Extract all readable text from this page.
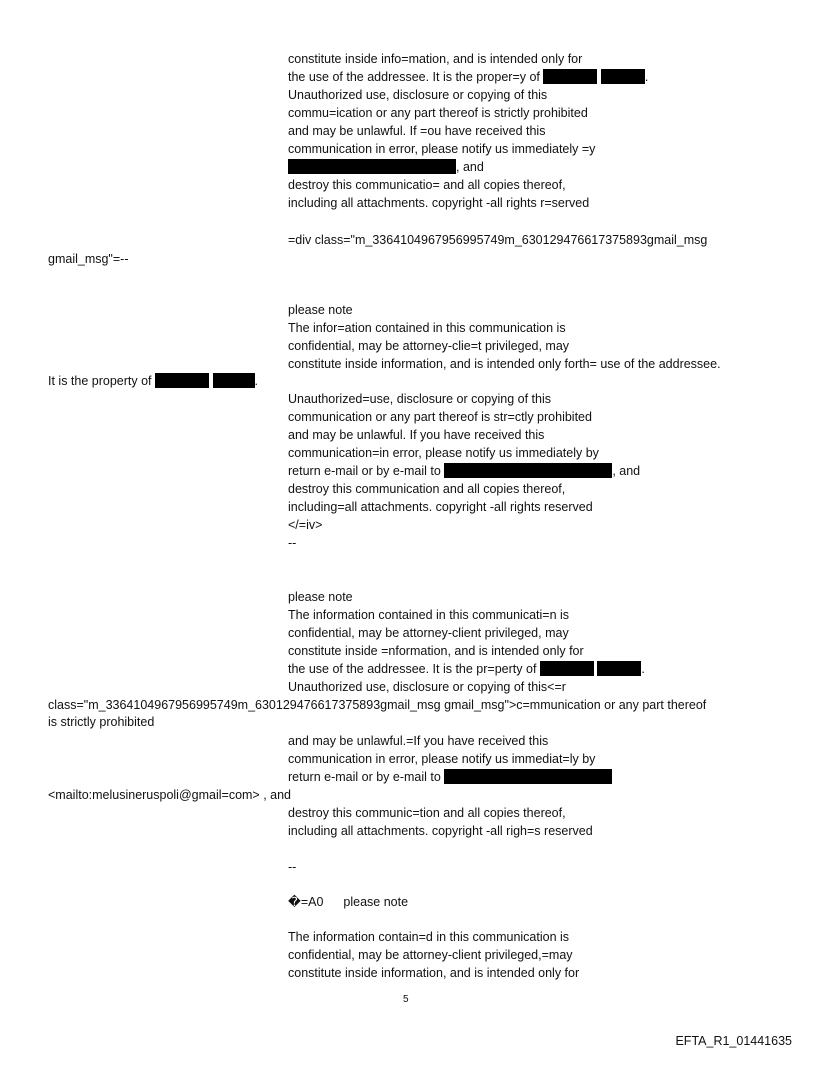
constitute inside info=mation, and is intended only for
the use of the addressee. It is the proper=y of	.
Unauthorized use, disclosure or copying of this
commu=ication or any part thereof is strictly prohibited
and may be unlawful. If =ou have received this
communication in error, please notify us immediately =y
, and
destroy this communicatio= and all copies thereof,
including all attachments. copyright -all rights r=served
=div class="m_3364104967956995749m_630129476617375893gmail_msg
gmail_msg"=--
please note
The infor=ation contained in this communication is
confidential, may be attorney-clie=t privileged, may
constitute inside information, and is intended only forth= use of the addressee.
It is the property of	.
Unauthorized=use, disclosure or copying of this
communication or any part thereof is str=ctly prohibited
and may be unlawful. If you have received this
communication=in error, please notify us immediately by
return e-mail or by e-mail to	, and
destroy this communication and all copies thereof,
including=all attachments. copyright -all rights reserved
</=iv>
--
please note
The information contained in this communicati=n is
confidential, may be attorney-client privileged, may
constitute inside =nformation, and is intended only for
the use of the addressee. It is the pr=perty of	.
Unauthorized use, disclosure or copying of this<=r
class="m_3364104967956995749m_630129476617375893gmail_msg gmail_msg">c=mmunication or any part thereof
is strictly prohibited
and may be unlawful.=If you have received this
communication in error, please notify us immediat=ly by
return e-mail or by e-mail to
<mailto:melusineruspoli@gmail=com> , and
destroy this communic=tion and all copies thereof,
including all attachments. copyright -all righ=s reserved
--
�=A0 please note
The information contain=d in this communication is
confidential, may be attorney-client privileged,=may
constitute inside information, and is intended only for
5
EFTA_R1_01441635
